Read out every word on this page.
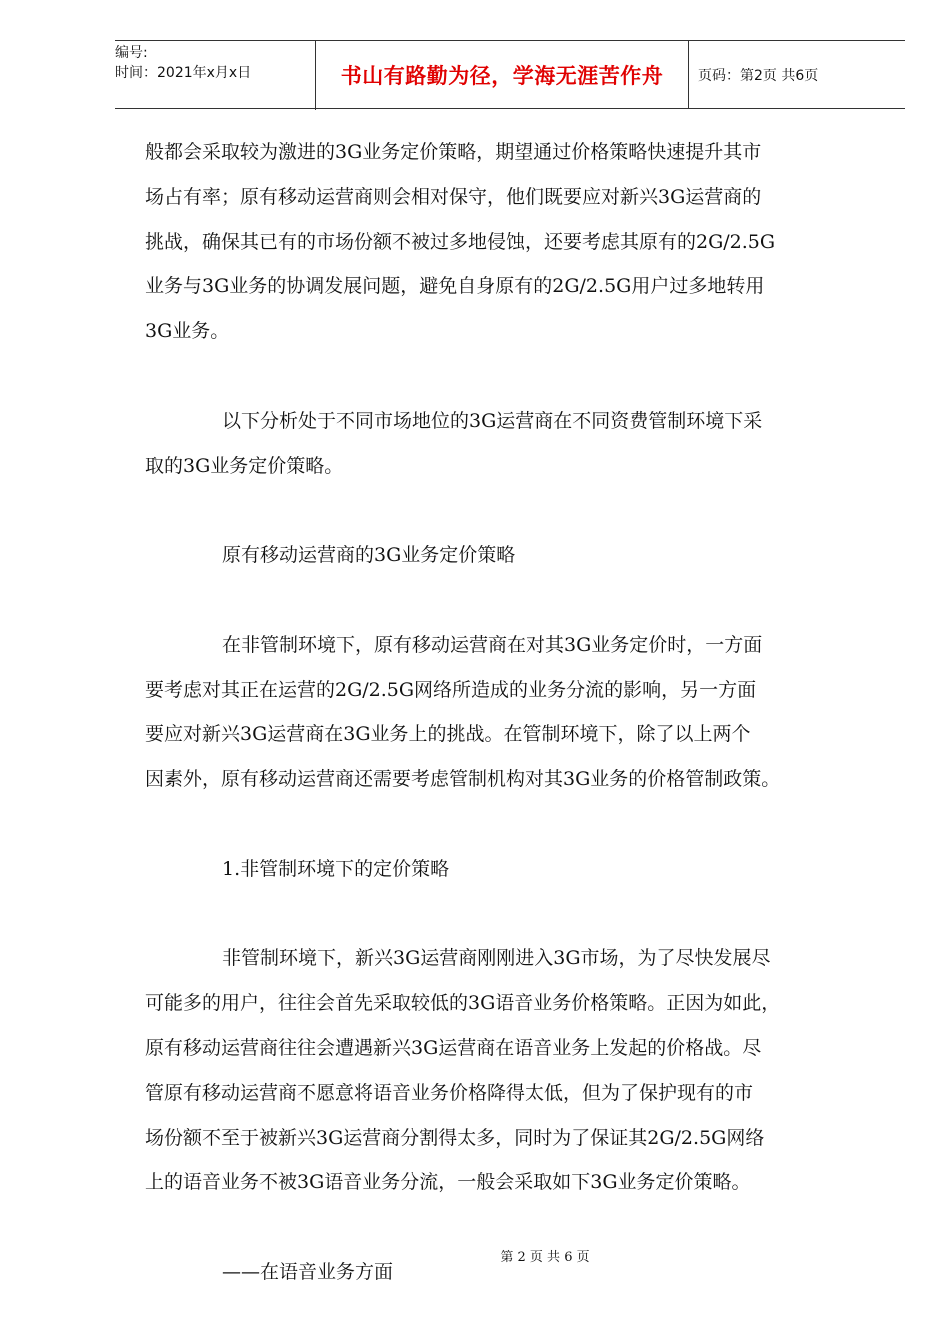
编号:
时间：2021年x月x日	书山有路勤为径，学海无涯苦作舟	页码：第2页 共6页

般都会采取较为激进的3G业务定价策略，期望通过价格策略快速提升其市

场占有率；原有移动运营商则会相对保守，他们既要应对新兴3G运营商的

挑战，确保其已有的市场份额不被过多地侵蚀，还要考虑其原有的2G/2.5G

业务与3G业务的协调发展问题，避免自身原有的2G/2.5G用户过多地转用

3G业务。

以下分析处于不同市场地位的3G运营商在不同资费管制环境下采

取的3G业务定价策略。

原有移动运营商的3G业务定价策略

在非管制环境下，原有移动运营商在对其3G业务定价时，一方面

要考虑对其正在运营的2G/2.5G网络所造成的业务分流的影响，另一方面

要应对新兴3G运营商在3G业务上的挑战。在管制环境下，除了以上两个

因素外，原有移动运营商还需要考虑管制机构对其3G业务的价格管制政策。

1.非管制环境下的定价策略

非管制环境下，新兴3G运营商刚刚进入3G市场，为了尽快发展尽

可能多的用户，往往会首先采取较低的3G语音业务价格策略。正因为如此，

原有移动运营商往往会遭遇新兴3G运营商在语音业务上发起的价格战。尽

管原有移动运营商不愿意将语音业务价格降得太低，但为了保护现有的市

场份额不至于被新兴3G运营商分割得太多，同时为了保证其2G/2.5G网络

上的语音业务不被3G语音业务分流，一般会采取如下3G业务定价策略。

——在语音业务方面

第 2 页 共 6 页
